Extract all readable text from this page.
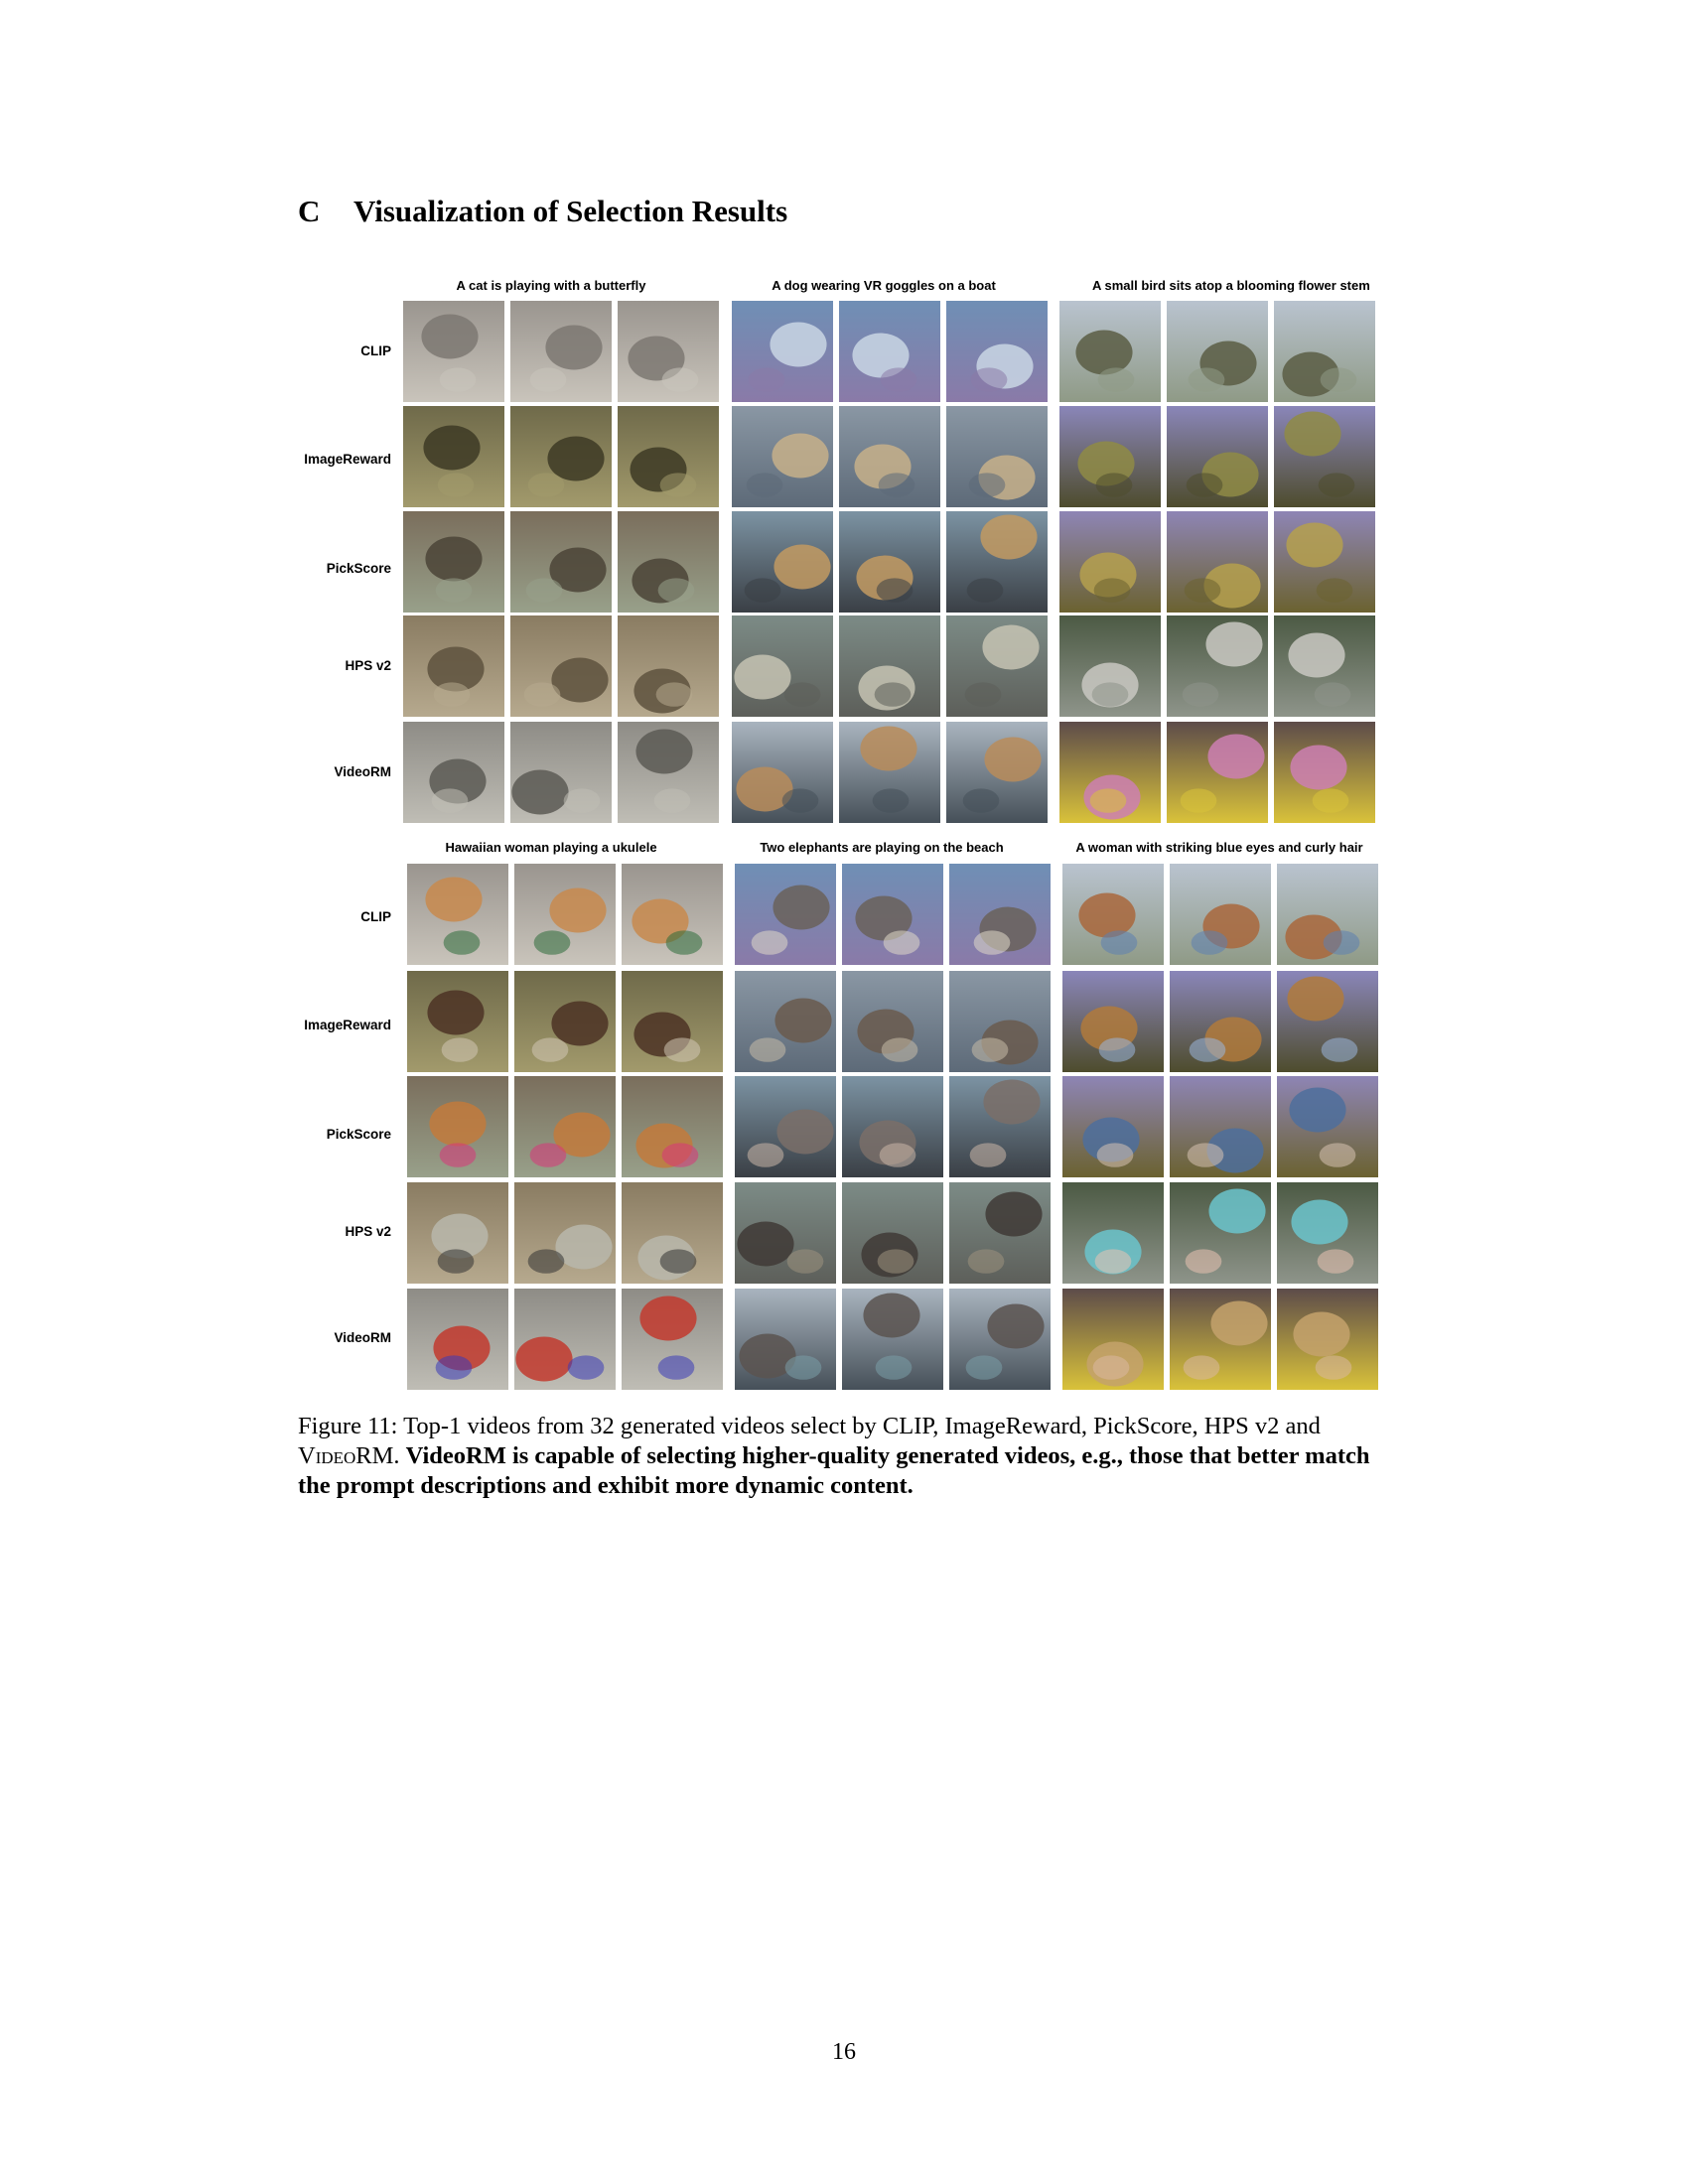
C Visualization of Selection Results
A cat is playing with a butterfly	A dog wearing VR goggles on a boat	A small bird sits atop a blooming flower stem
CLIP
ImageReward
PickScore
HPS v2
VideoRM
Hawaiian woman playing a ukulele	Two elephants are playing on the beach	A woman with striking blue eyes and curly hair
CLIP
ImageReward
PickScore
HPS v2
VideoRM
Figure 11: Top-1 videos from 32 generated videos select by CLIP, ImageReward, PickScore, HPS v2 and VideoRM. VideoRM is capable of selecting higher-quality generated videos, e.g., those that better match the prompt descriptions and exhibit more dynamic content.
16
